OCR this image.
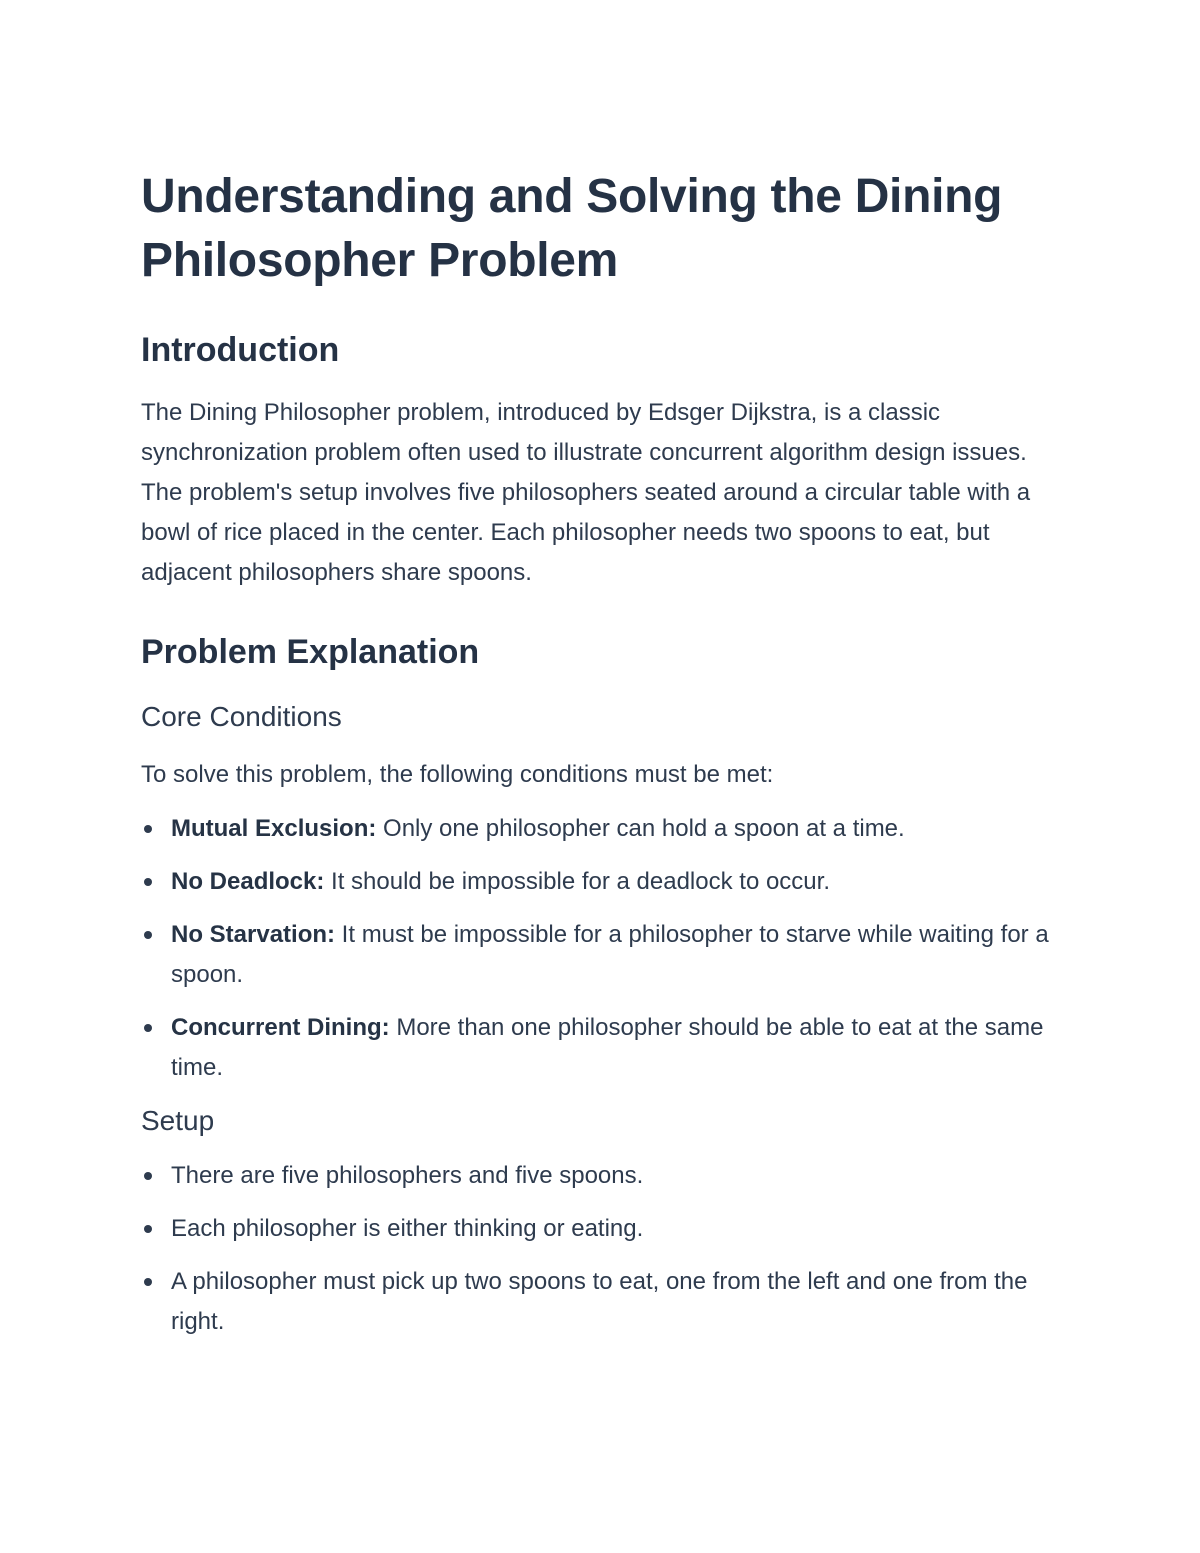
Understanding and Solving the Dining Philosopher Problem
Introduction

The Dining Philosopher problem, introduced by Edsger Dijkstra, is a classic synchronization problem often used to illustrate concurrent algorithm design issues. The problem's setup involves five philosophers seated around a circular table with a bowl of rice placed in the center. Each philosopher needs two spoons to eat, but adjacent philosophers share spoons.

Problem Explanation
Core Conditions

To solve this problem, the following conditions must be met:

Mutual Exclusion: Only one philosopher can hold a spoon at a time.
No Deadlock: It should be impossible for a deadlock to occur.
No Starvation: It must be impossible for a philosopher to starve while waiting for a spoon.
Concurrent Dining: More than one philosopher should be able to eat at the same time.
Setup
There are five philosophers and five spoons.
Each philosopher is either thinking or eating.
A philosopher must pick up two spoons to eat, one from the left and one from the right.
